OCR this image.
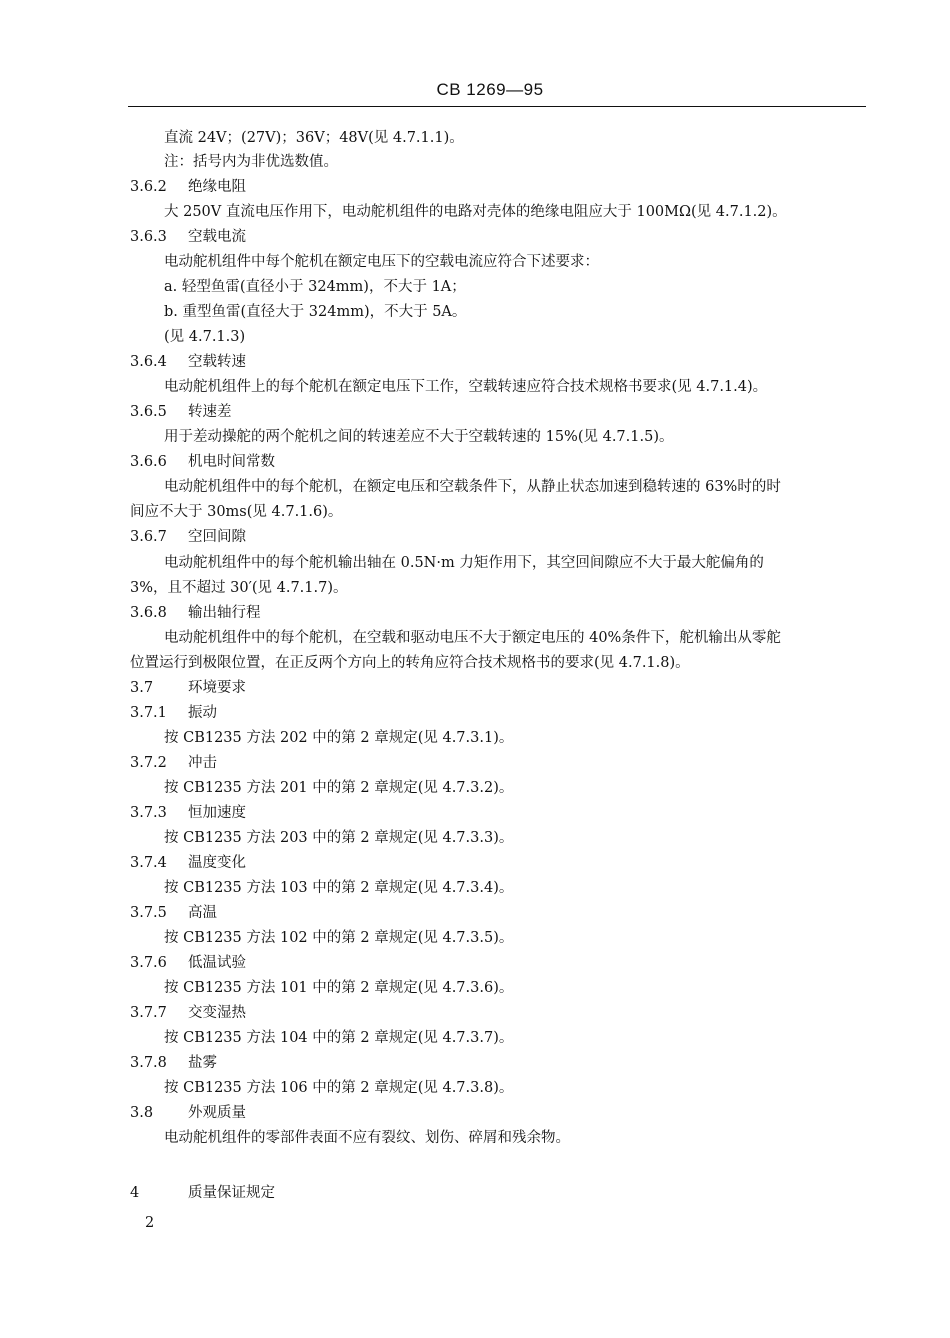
CB 1269—95
直流 24V；(27V)；36V；48V(见 4.7.1.1)。
注：括号内为非优选数值。
3.6.2 绝缘电阻
大 250V 直流电压作用下，电动舵机组件的电路对壳体的绝缘电阻应大于 100MΩ(见 4.7.1.2)。
3.6.3 空载电流
电动舵机组件中每个舵机在额定电压下的空载电流应符合下述要求：
a. 轻型鱼雷(直径小于 324mm)，不大于 1A；
b. 重型鱼雷(直径大于 324mm)，不大于 5A。
(见 4.7.1.3)
3.6.4 空载转速
电动舵机组件上的每个舵机在额定电压下工作，空载转速应符合技术规格书要求(见 4.7.1.4)。
3.6.5 转速差
用于差动操舵的两个舵机之间的转速差应不大于空载转速的 15%(见 4.7.1.5)。
3.6.6 机电时间常数
电动舵机组件中的每个舵机，在额定电压和空载条件下，从静止状态加速到稳转速的 63%时的时
间应不大于 30ms(见 4.7.1.6)。
3.6.7 空回间隙
电动舵机组件中的每个舵机输出轴在 0.5N·m 力矩作用下，其空回间隙应不大于最大舵偏角的
3%，且不超过 30′(见 4.7.1.7)。
3.6.8 输出轴行程
电动舵机组件中的每个舵机，在空载和驱动电压不大于额定电压的 40%条件下，舵机输出从零舵
位置运行到极限位置，在正反两个方向上的转角应符合技术规格书的要求(见 4.7.1.8)。
3.7 环境要求
3.7.1 振动
按 CB1235 方法 202 中的第 2 章规定(见 4.7.3.1)。
3.7.2 冲击
按 CB1235 方法 201 中的第 2 章规定(见 4.7.3.2)。
3.7.3 恒加速度
按 CB1235 方法 203 中的第 2 章规定(见 4.7.3.3)。
3.7.4 温度变化
按 CB1235 方法 103 中的第 2 章规定(见 4.7.3.4)。
3.7.5 高温
按 CB1235 方法 102 中的第 2 章规定(见 4.7.3.5)。
3.7.6 低温试验
按 CB1235 方法 101 中的第 2 章规定(见 4.7.3.6)。
3.7.7 交变湿热
按 CB1235 方法 104 中的第 2 章规定(见 4.7.3.7)。
3.7.8 盐雾
按 CB1235 方法 106 中的第 2 章规定(见 4.7.3.8)。
3.8 外观质量
电动舵机组件的零部件表面不应有裂纹、划伤、碎屑和残余物。
4	质量保证规定
2
